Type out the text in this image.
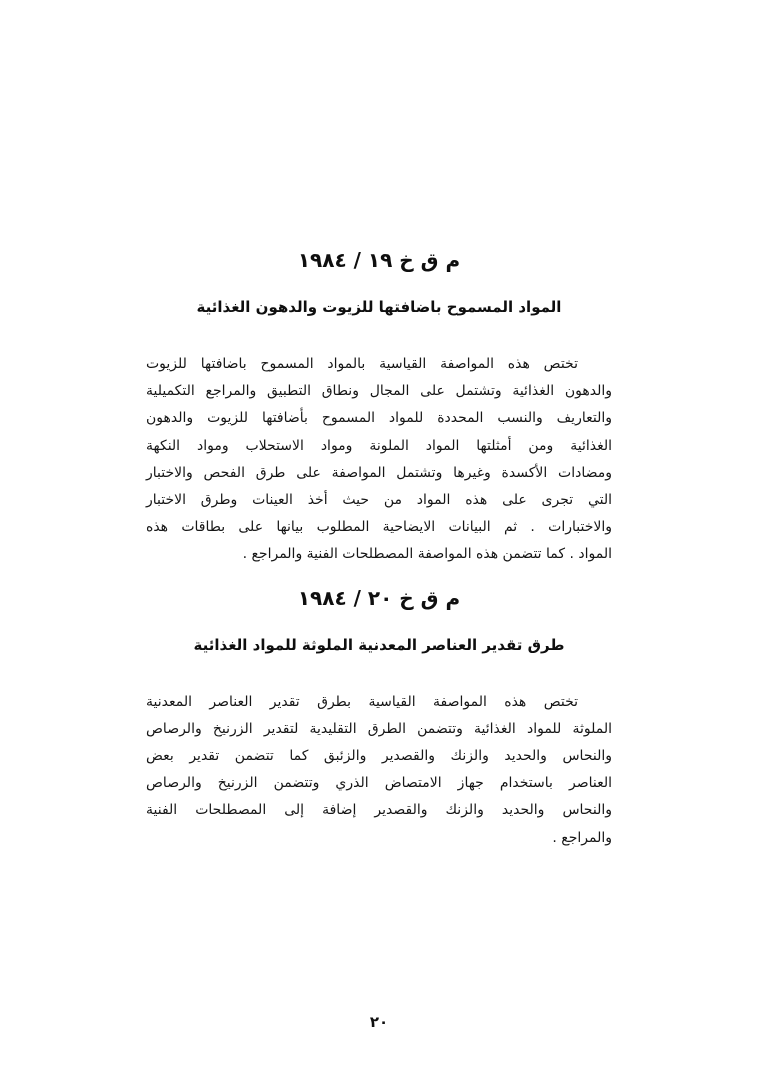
م ق خ ١٩ / ١٩٨٤
المواد المسموح باضافتها للزيوت والدهون الغذائية
تختص هذه المواصفة القياسية بالمواد المسموح باضافتها للزيوت
والدهون الغذائية وتشتمل على المجال ونطاق التطبيق والمراجع التكميلية
والتعاريف والنسب المحددة للمواد المسموح بأضافتها للزيوت والدهون
الغذائية ومن أمثلتها المواد الملونة ومواد الاستحلاب ومواد النكهة
ومضادات الأكسدة وغيرها وتشتمل المواصفة على طرق الفحص والاختبار
التي تجرى على هذه المواد من حيث أخذ العينات وطرق الاختبار
والاختبارات . ثم البيانات الايضاحية المطلوب بيانها على بطاقات هذه
المواد . كما تتضمن هذه المواصفة المصطلحات الفنية والمراجع .
م ق خ ٢٠ / ١٩٨٤
طرق تقدير العناصر المعدنية الملوثة للمواد الغذائية
تختص هذه المواصفة القياسية بطرق تقدير العناصر المعدنية
الملوثة للمواد الغذائية وتتضمن الطرق التقليدية لتقدير الزرنيخ والرصاص
والنحاس والحديد والزنك والقصدير والزئبق كما تتضمن تقدير بعض
العناصر باستخدام جهاز الامتصاض الذري وتتضمن الزرنيخ والرصاص
والنحاس والحديد والزنك والقصدير إضافة إلى المصطلحات الفنية
والمراجع .
٢٠
